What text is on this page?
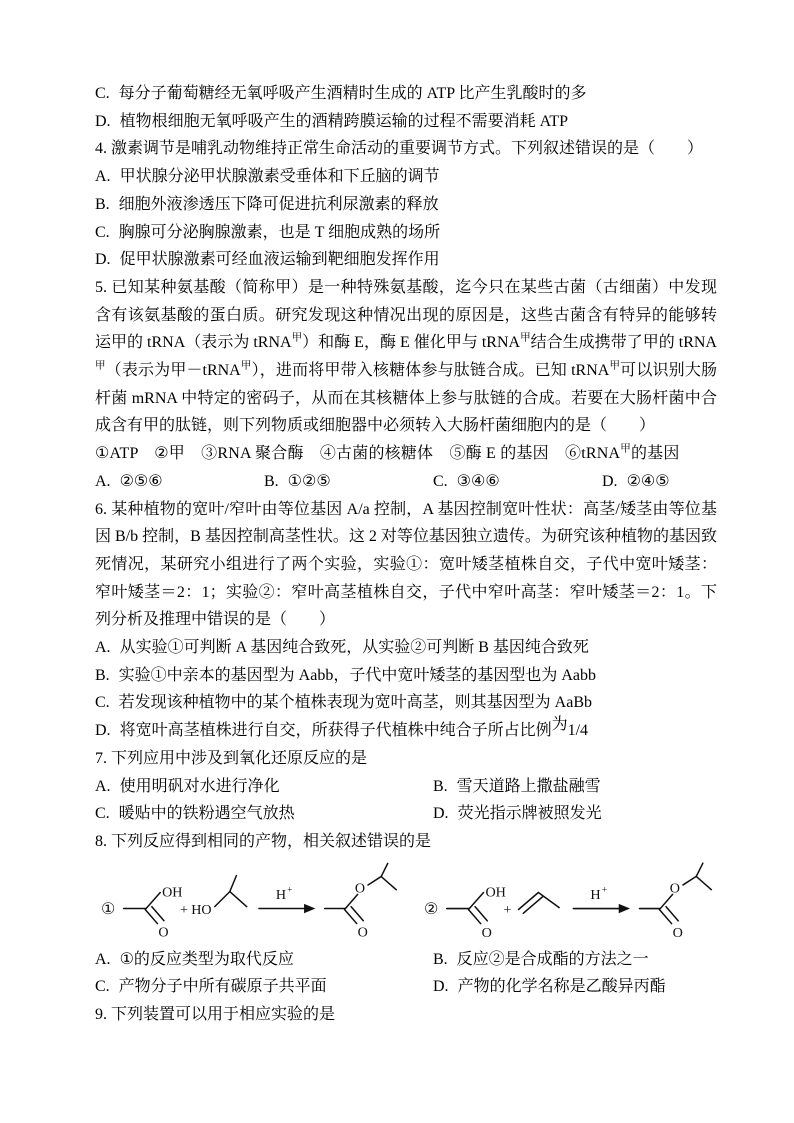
C. 每分子葡萄糖经无氧呼吸产生酒精时生成的 ATP 比产生乳酸时的多

D. 植物根细胞无氧呼吸产生的酒精跨膜运输的过程不需要消耗 ATP

4. 激素调节是哺乳动物维持正常生命活动的重要调节方式。下列叙述错误的是（　　）

A. 甲状腺分泌甲状腺激素受垂体和下丘脑的调节

B. 细胞外液渗透压下降可促进抗利尿激素的释放

C. 胸腺可分泌胸腺激素，也是 T 细胞成熟的场所

D. 促甲状腺激素可经血液运输到靶细胞发挥作用

5. 已知某种氨基酸（简称甲）是一种特殊氨基酸，迄今只在某些古菌（古细菌）中发现含有该氨基酸的蛋白质。研究发现这种情况出现的原因是，这些古菌含有特异的能够转运甲的 tRNA（表示为 tRNA$^甲$）和酶 E，酶 E 催化甲与 tRNA$^甲$结合生成携带了甲的 tRNA$^甲$（表示为甲－tRNA$^甲$），进而将甲带入核糖体参与肽链合成。已知 tRNA$^甲$可以识别大肠杆菌 mRNA 中特定的密码子，从而在其核糖体上参与肽链的合成。若要在大肠杆菌中合成含有甲的肽链，则下列物质或细胞器中必须转入大肠杆菌细胞内的是（　　）

①ATP　②甲　③RNA 聚合酶　④古菌的核糖体　⑤酶 E 的基因　⑥tRNA$^甲$的基因

A. ②⑤⑥	B. ①②⑤	C. ③④⑥	D. ②④⑤

6. 某种植物的宽叶/窄叶由等位基因 A/a 控制，A 基因控制宽叶性状：高茎/矮茎由等位基因 B/b 控制，B 基因控制高茎性状。这 2 对等位基因独立遗传。为研究该种植物的基因致死情况，某研究小组进行了两个实验，实验①：宽叶矮茎植株自交，子代中宽叶矮茎：窄叶矮茎＝2：1；实验②：窄叶高茎植株自交，子代中窄叶高茎：窄叶矮茎＝2：1。下列分析及推理中错误的是（　　）

A. 从实验①可判断 A 基因纯合致死，从实验②可判断 B 基因纯合致死

B. 实验①中亲本的基因型为 Aabb，子代中宽叶矮茎的基因型也为 Aabb

C. 若发现该种植物中的某个植株表现为宽叶高茎，则其基因型为 AaBb

D. 将宽叶高茎植株进行自交，所获得子代植株中纯合子所占比例为1/4

7. 下列应用中涉及到氧化还原反应的是

A. 使用明矾对水进行净化	B. 雪天道路上撒盐融雪

C. 暖贴中的铁粉遇空气放热	D. 荧光指示牌被照发光

8. 下列反应得到相同的产物，相关叙述错误的是

①
OH
O
+ HO
H +
O
O
②
OH
O
+
H +
O
O

A. ①的反应类型为取代反应	B. 反应②是合成酯的方法之一

C. 产物分子中所有碳原子共平面	D. 产物的化学名称是乙酸异丙酯

9. 下列装置可以用于相应实验的是
